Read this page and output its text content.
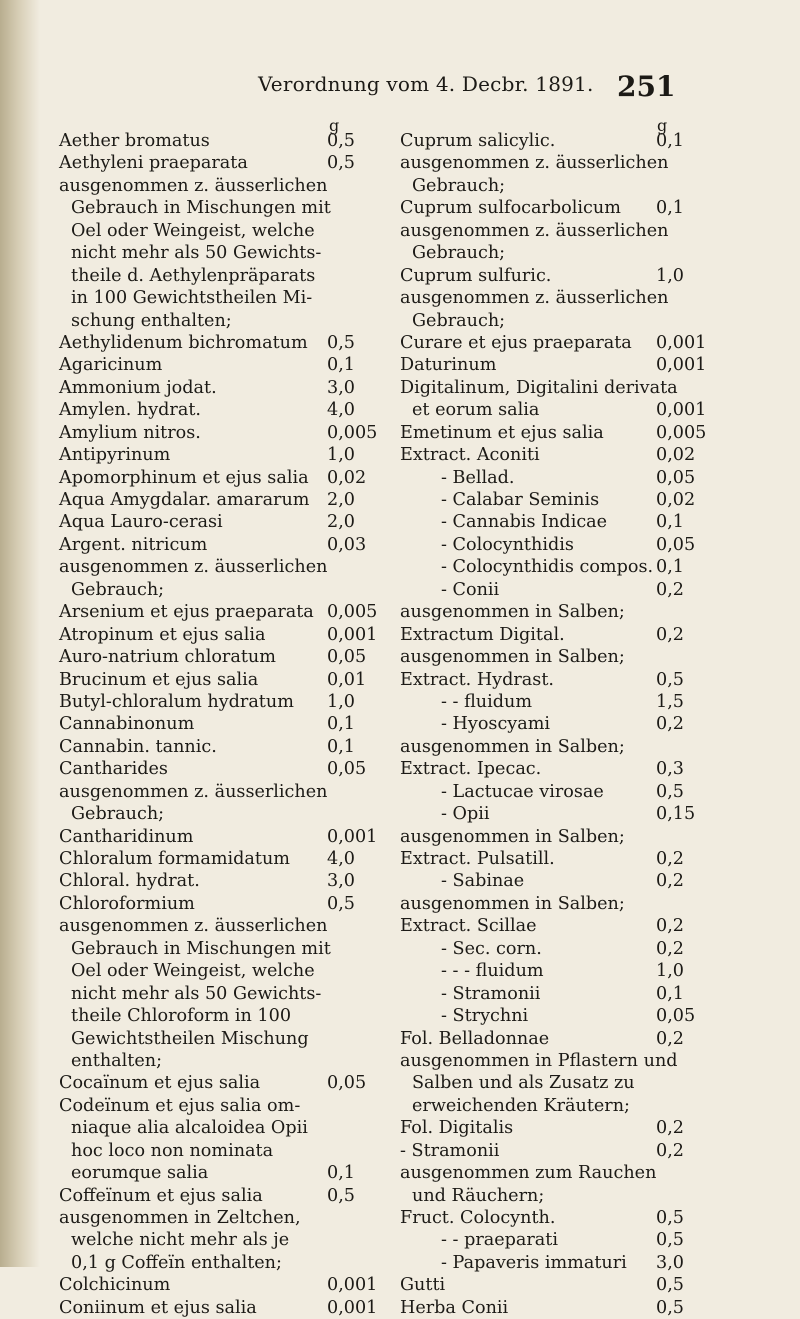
Verordnung vom 4. Decbr. 1891. 251
g	g
Aether bromatus	0,5
Aethyleni praeparata	0,5
ausgenommen z. äusserlichen
Gebrauch in Mischungen mit
Oel oder Weingeist, welche
nicht mehr als 50 Gewichts-
theile d. Aethylenpräparats
in 100 Gewichtstheilen Mi-
schung enthalten;
Aethylidenum bichromatum 0,5
Agaricinum	0,1
Ammonium jodat.	3,0
Amylen. hydrat.	4,0
Amylium nitros.	0,005
Antipyrinum	1,0
Apomorphinum et ejus salia 0,02
Aqua Amygdalar. amararum 2,0
Aqua Lauro-cerasi	2,0
Argent. nitricum	0,03
ausgenommen z. äusserlichen
Gebrauch;
Arsenium et ejus praeparata 0,005
Atropinum et ejus salia	0,001
Auro-natrium chloratum	0,05
Brucinum et ejus salia	0,01
Butyl-chloralum hydratum 1,0
Cannabinonum	0,1
Cannabin. tannic.	0,1
Cantharides	0,05
ausgenommen z. äusserlichen
Gebrauch;
Cantharidinum	0,001
Chloralum formamidatum 4,0
Chloral. hydrat.	3,0
Chloroformium	0,5
ausgenommen z. äusserlichen
Gebrauch in Mischungen mit
Oel oder Weingeist, welche
nicht mehr als 50 Gewichts-
theile Chloroform in 100
Gewichtstheilen Mischung
enthalten;
Cocaïnum et ejus salia	0,05
Codeïnum et ejus salia om-
niaque alia alcaloidea Opii
hoc loco non nominata
eorumque salia	0,1
Coffeïnum et ejus salia	0,5
ausgenommen in Zeltchen,
welche nicht mehr als je
0,1 g Coffeïn enthalten;
Colchicinum	0,001
Coniinum et ejus salia	0,001
Cuprum salicylic.	0,1
ausgenommen z. äusserlichen
Gebrauch;
Cuprum sulfocarbolicum 0,1
ausgenommen z. äusserlichen
Gebrauch;
Cuprum sulfuric.	1,0
ausgenommen z. äusserlichen
Gebrauch;
Curare et ejus praeparata 0,001
Daturinum	0,001
Digitalinum, Digitalini derivata
et eorum salia	0,001
Emetinum et ejus salia	0,005
Extract. Aconiti	0,02
- Bellad.	0,05
- Calabar Seminis	0,02
- Cannabis Indicae	0,1
- Colocynthidis	0,05
- Colocynthidis compos. 0,1
- Conii	0,2
ausgenommen in Salben;
Extractum Digital.	0,2
ausgenommen in Salben;
Extract. Hydrast.	0,5
- - fluidum	1,5
- Hyoscyami	0,2
ausgenommen in Salben;
Extract. Ipecac.	0,3
- Lactucae virosae	0,5
- Opii	0,15
ausgenommen in Salben;
Extract. Pulsatill.	0,2
- Sabinae	0,2
ausgenommen in Salben;
Extract. Scillae	0,2
- Sec. corn.	0,2
- - - fluidum	1,0
- Stramonii	0,1
- Strychni	0,05
Fol. Belladonnae	0,2
ausgenommen in Pflastern und
Salben und als Zusatz zu
erweichenden Kräutern;
Fol. Digitalis	0,2
- Stramonii	0,2
ausgenommen zum Rauchen
und Räuchern;
Fruct. Colocynth.	0,5
- - praeparati	0,5
- Papaveris immaturi 3,0
Gutti	0,5
Herba Conii	0,5
